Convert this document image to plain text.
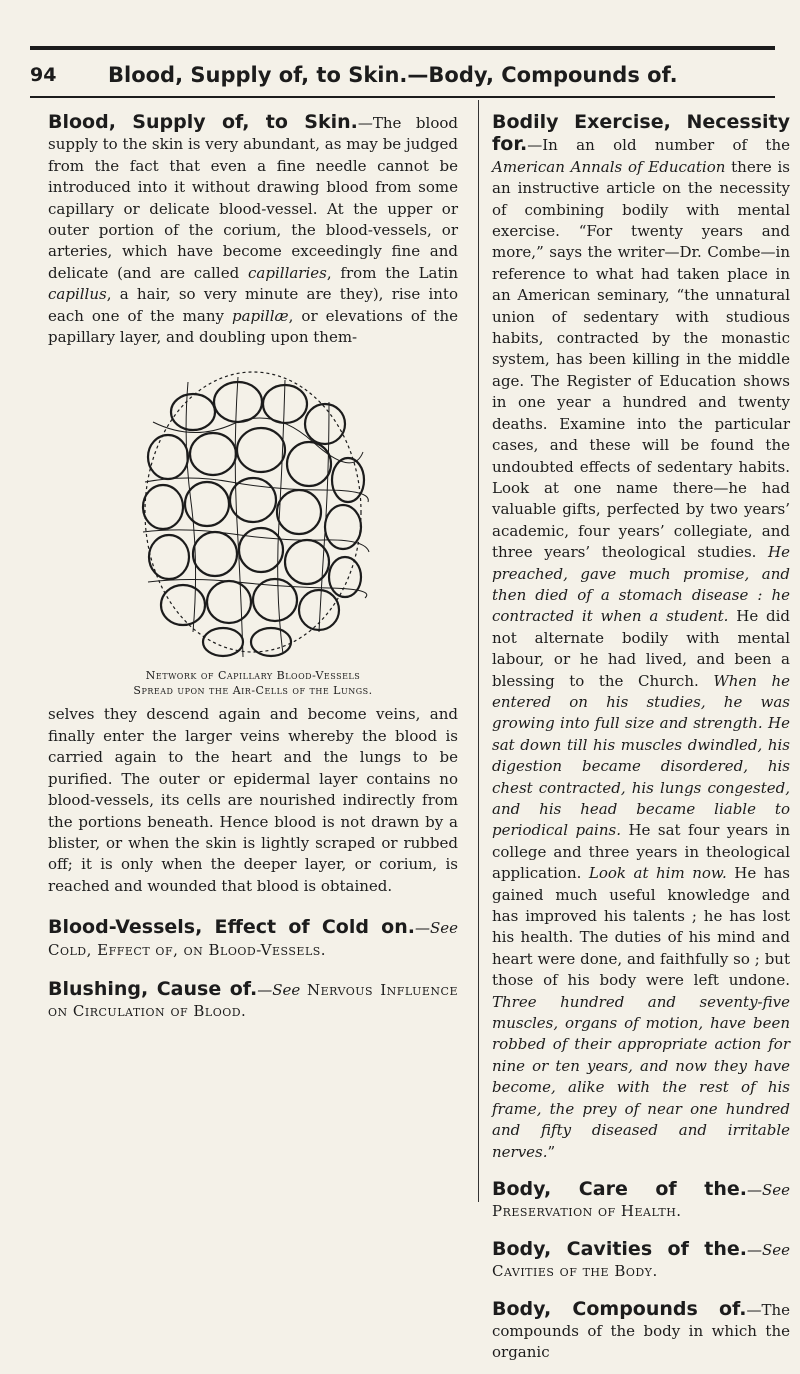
94	Blood, Supply of, to Skin.—Body, Compounds of.

Blood, Supply of, to Skin.—The blood supply to the skin is very abundant, as may be judged from the fact that even a fine needle cannot be introduced into it without drawing blood from some capillary or delicate blood-vessel. At the upper or outer portion of the corium, the blood-vessels, or arteries, which have become exceedingly fine and delicate (and are called capillaries, from the Latin capillus, a hair, so very minute are they), rise into each one of the many papillæ, or elevations of the papillary layer, and doubling upon them-

Network of Capillary Blood-Vessels
Spread upon the Air-Cells of the Lungs.

selves they descend again and become veins, and finally enter the larger veins whereby the blood is carried again to the heart and the lungs to be purified. The outer or epidermal layer contains no blood-vessels, its cells are nourished indirectly from the portions beneath. Hence blood is not drawn by a blister, or when the skin is lightly scraped or rubbed off; it is only when the deeper layer, or corium, is reached and wounded that blood is obtained.

Blood-Vessels, Effect of Cold on.—See Cold, Effect of, on Blood-Vessels.

Blushing, Cause of.—See Nervous Influence on Circulation of Blood.

Bodily Exercise, Necessity for.—In an old number of the American Annals of Education there is an instructive article on the necessity of combining bodily with mental exercise. “For twenty years and more,” says the writer—Dr. Combe—in reference to what had taken place in an American seminary, “the unnatural union of sedentary with studious habits, contracted by the monastic system, has been killing in the middle age. The Register of Education shows in one year a hundred and twenty deaths. Examine into the particular cases, and these will be found the undoubted effects of sedentary habits. Look at one name there—he had valuable gifts, perfected by two years’ academic, four years’ collegiate, and three years’ theological studies. He preached, gave much promise, and then died of a stomach disease : he contracted it when a student. He did not alternate bodily with mental labour, or he had lived, and been a blessing to the Church. When he entered on his studies, he was growing into full size and strength. He sat down till his muscles dwindled, his digestion became disordered, his chest contracted, his lungs congested, and his head became liable to periodical pains. He sat four years in college and three years in theological application. Look at him now. He has gained much useful knowledge and has improved his talents ; he has lost his health. The duties of his mind and heart were done, and faithfully so ; but those of his body were left undone. Three hundred and seventy-five muscles, organs of motion, have been robbed of their appropriate action for nine or ten years, and now they have become, alike with the rest of his frame, the prey of near one hundred and fifty diseased and irritable nerves.”

Body, Care of the.—See Preservation of Health.

Body, Cavities of the.—See Cavities of the Body.

Body, Compounds of.—The compounds of the body in which the organic
